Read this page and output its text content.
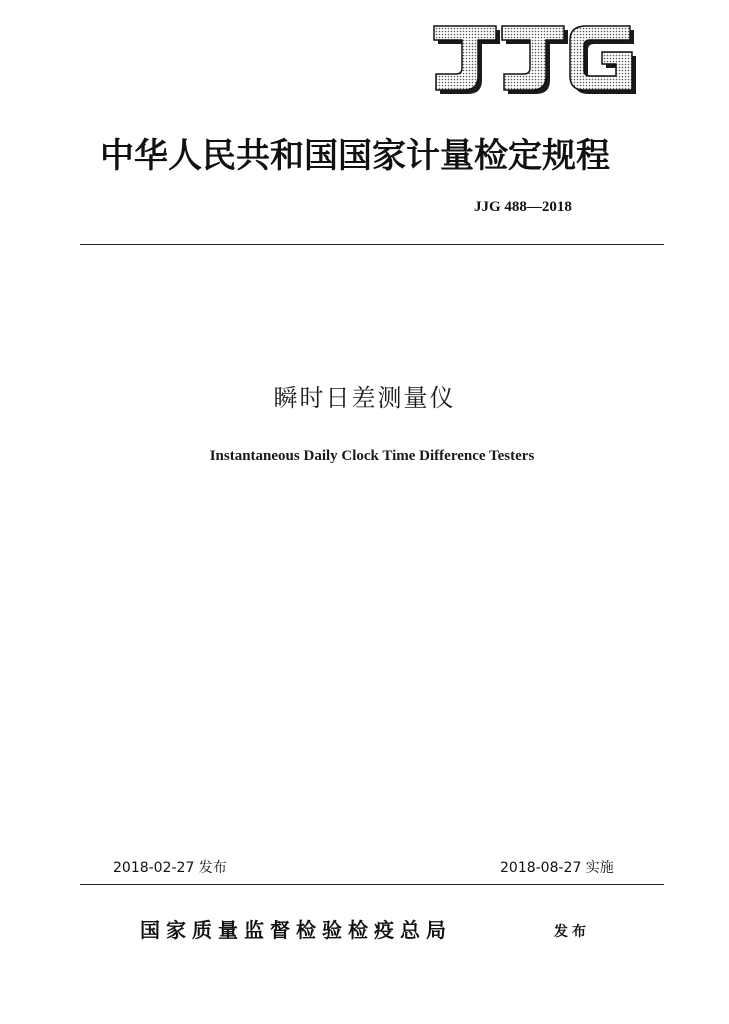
中华人民共和国国家计量检定规程
JJG 488—2018
瞬时日差测量仪
Instantaneous Daily Clock Time Difference Testers
2018-02-27 发布	2018-08-27 实施
国家质量监督检验检疫总局	发布
